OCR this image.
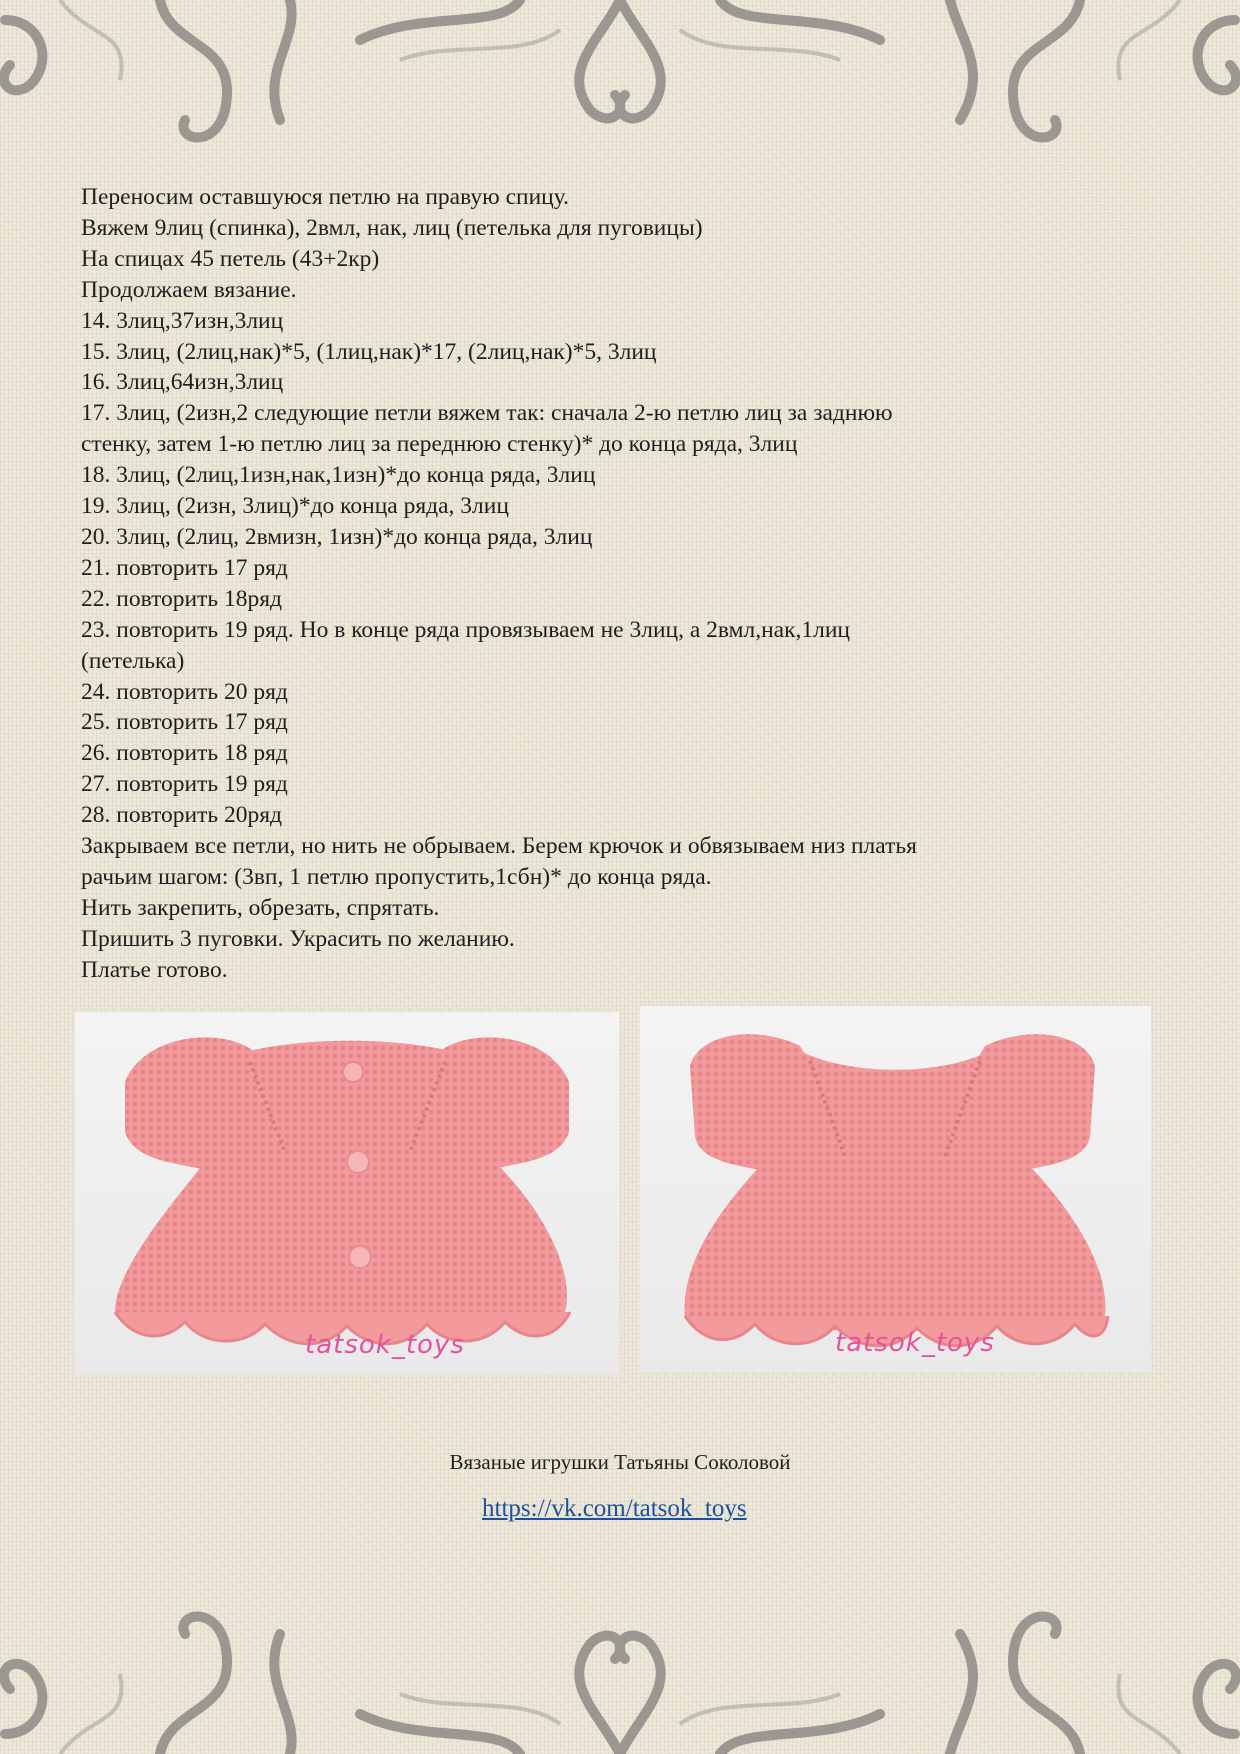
Переносим оставшуюся петлю на правую спицу.
Вяжем 9лиц (спинка), 2вмл, нак, лиц (петелька для пуговицы)
На спицах 45 петель (43+2кр)
Продолжаем вязание.
14. 3лиц,37изн,3лиц
15. 3лиц, (2лиц,нак)*5, (1лиц,нак)*17, (2лиц,нак)*5, 3лиц
16. 3лиц,64изн,3лиц
17. 3лиц, (2изн,2 следующие петли вяжем так: сначала 2-ю петлю лиц за заднюю
стенку, затем 1-ю петлю лиц за переднюю стенку)* до конца ряда, 3лиц
18. 3лиц, (2лиц,1изн,нак,1изн)*до конца ряда, 3лиц
19. 3лиц, (2изн, 3лиц)*до конца ряда, 3лиц
20. 3лиц, (2лиц, 2вмизн, 1изн)*до конца ряда, 3лиц
21. повторить 17 ряд
22. повторить 18ряд
23. повторить 19 ряд. Но в конце ряда провязываем не 3лиц, а 2вмл,нак,1лиц
(петелька)
24. повторить 20 ряд
25. повторить 17 ряд
26. повторить 18 ряд
27. повторить 19 ряд
28. повторить 20ряд
Закрываем все петли, но нить не обрываем. Берем крючок и обвязываем низ платья
рачьим шагом: (3вп, 1 петлю пропустить,1сбн)* до конца ряда.
Нить закрепить, обрезать, спрятать.
Пришить 3 пуговки. Украсить по желанию.
Платье готово.
tatsok_toys	tatsok_toys
Вязаные игрушки Татьяны Соколовой
https://vk.com/tatsok_toys
